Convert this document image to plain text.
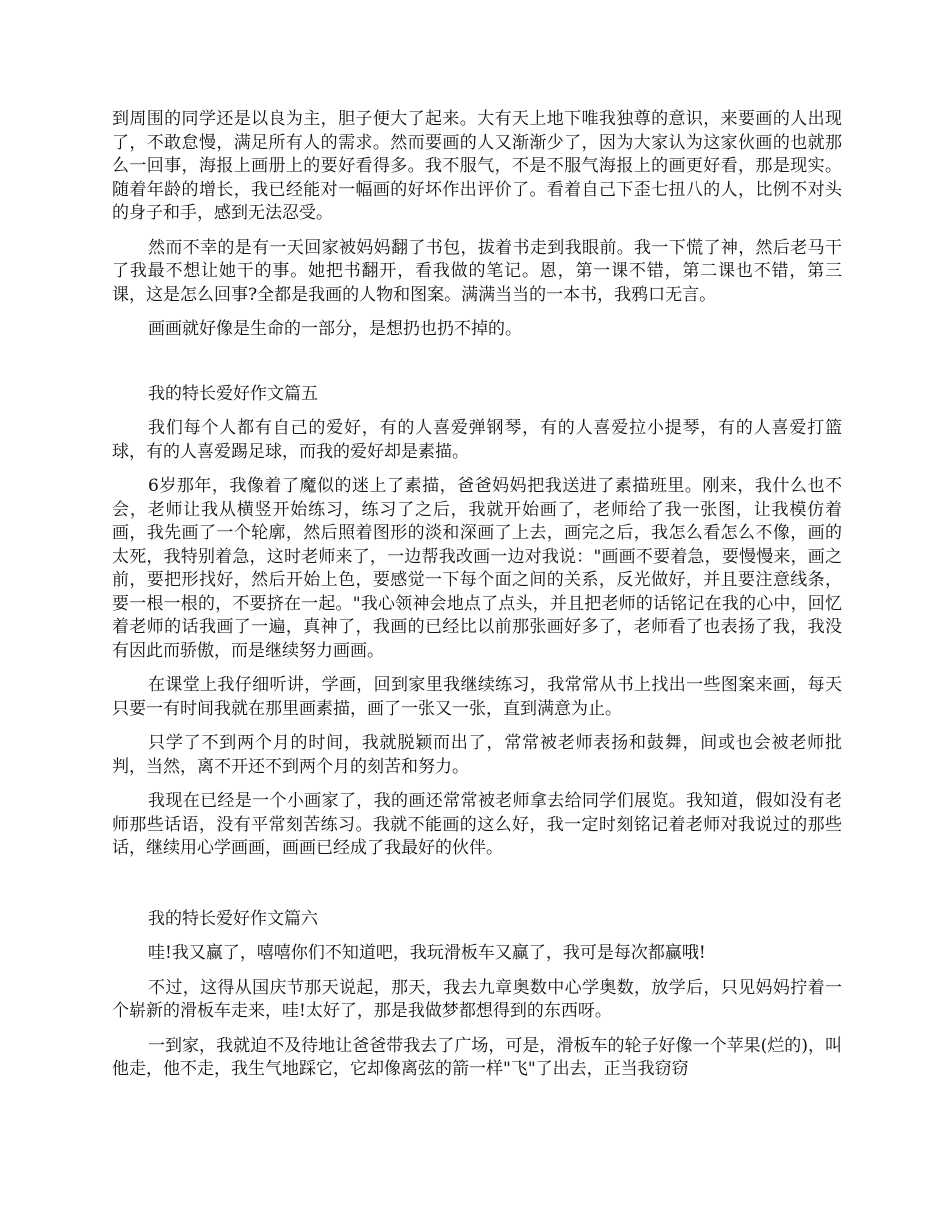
到周围的同学还是以良为主，胆子便大了起来。大有天上地下唯我独尊的意识，来要画的人出现了，不敢怠慢，满足所有人的需求。然而要画的人又渐渐少了，因为大家认为这家伙画的也就那么一回事，海报上画册上的要好看得多。我不服气，不是不服气海报上的画更好看，那是现实。随着年龄的增长，我已经能对一幅画的好坏作出评价了。看着自己下歪七扭八的人，比例不对头的身子和手，感到无法忍受。

然而不幸的是有一天回家被妈妈翻了书包，拔着书走到我眼前。我一下慌了神，然后老马干了我最不想让她干的事。她把书翻开，看我做的笔记。恩，第一课不错，第二课也不错，第三课，这是怎么回事?全都是我画的人物和图案。满满当当的一本书，我鸦口无言。

画画就好像是生命的一部分，是想扔也扔不掉的。

我的特长爱好作文篇五

我们每个人都有自己的爱好，有的人喜爱弹钢琴，有的人喜爱拉小提琴，有的人喜爱打篮球，有的人喜爱踢足球，而我的爱好却是素描。

6岁那年，我像着了魔似的迷上了素描，爸爸妈妈把我送进了素描班里。刚来，我什么也不会，老师让我从横竖开始练习，练习了之后，我就开始画了，老师给了我一张图，让我模仿着画，我先画了一个轮廓，然后照着图形的淡和深画了上去，画完之后，我怎么看怎么不像，画的太死，我特别着急，这时老师来了，一边帮我改画一边对我说："画画不要着急，要慢慢来，画之前，要把形找好，然后开始上色，要感觉一下每个面之间的关系，反光做好，并且要注意线条，要一根一根的，不要挤在一起。"我心领神会地点了点头，并且把老师的话铭记在我的心中，回忆着老师的话我画了一遍，真神了，我画的已经比以前那张画好多了，老师看了也表扬了我，我没有因此而骄傲，而是继续努力画画。

在课堂上我仔细听讲，学画，回到家里我继续练习，我常常从书上找出一些图案来画，每天只要一有时间我就在那里画素描，画了一张又一张，直到满意为止。

只学了不到两个月的时间，我就脱颖而出了，常常被老师表扬和鼓舞，间或也会被老师批判，当然，离不开还不到两个月的刻苦和努力。

我现在已经是一个小画家了，我的画还常常被老师拿去给同学们展览。我知道，假如没有老师那些话语，没有平常刻苦练习。我就不能画的这么好，我一定时刻铭记着老师对我说过的那些话，继续用心学画画，画画已经成了我最好的伙伴。

我的特长爱好作文篇六

哇!我又赢了，嘻嘻你们不知道吧，我玩滑板车又赢了，我可是每次都赢哦!

不过，这得从国庆节那天说起，那天，我去九章奥数中心学奥数，放学后，只见妈妈拧着一个崭新的滑板车走来，哇!太好了，那是我做梦都想得到的东西呀。

一到家，我就迫不及待地让爸爸带我去了广场，可是，滑板车的轮子好像一个苹果(烂的)，叫他走，他不走，我生气地踩它，它却像离弦的箭一样"飞"了出去，正当我窃窃
